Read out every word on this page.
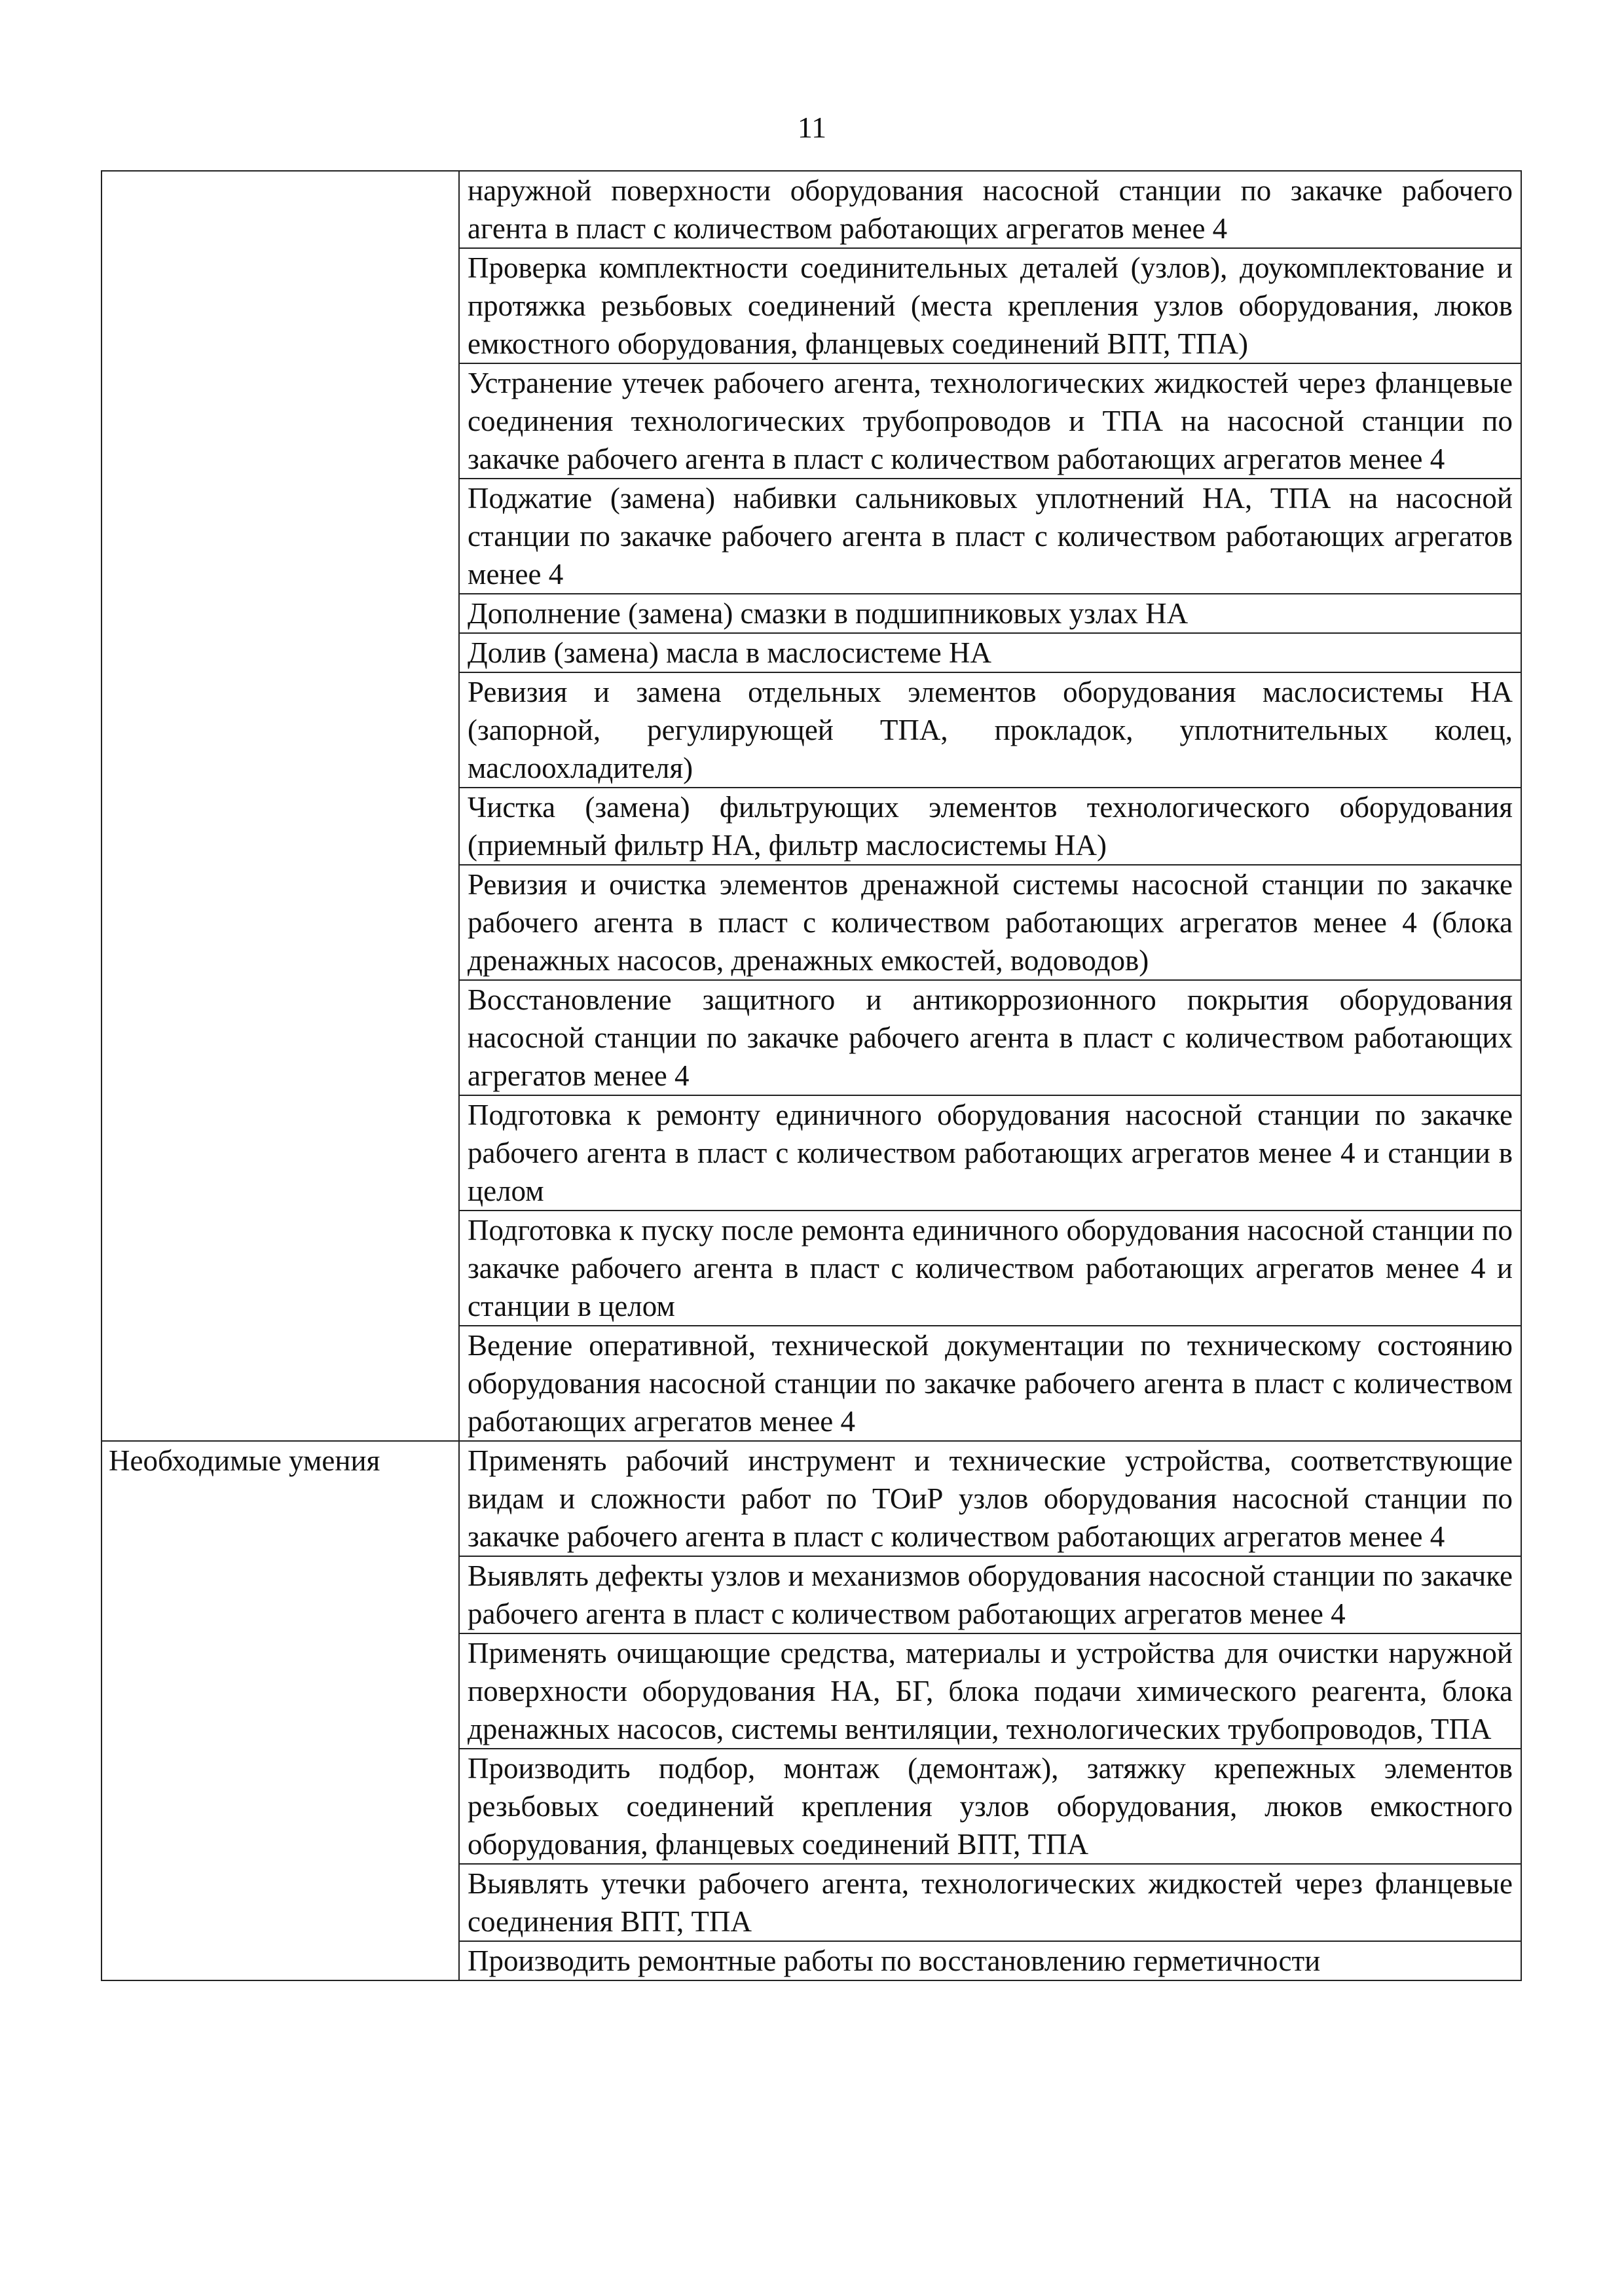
11

	наружной поверхности оборудования насосной станции по закачке рабочего агента в пласт с количеством работающих агрегатов менее 4

	Проверка комплектности соединительных деталей (узлов), доукомплектование и протяжка резьбовых соединений (места крепления узлов оборудования, люков емкостного оборудования, фланцевых соединений ВПТ, ТПА)

	Устранение утечек рабочего агента, технологических жидкостей через фланцевые соединения технологических трубопроводов и ТПА на насосной станции по закачке рабочего агента в пласт с количеством работающих агрегатов менее 4

	Поджатие (замена) набивки сальниковых уплотнений НА, ТПА на насосной станции по закачке рабочего агента в пласт с количеством работающих агрегатов менее 4

	Дополнение (замена) смазки в подшипниковых узлах НА

	Долив (замена) масла в маслосистеме НА

	Ревизия и замена отдельных элементов оборудования маслосистемы НА (запорной, регулирующей ТПА, прокладок, уплотнительных колец, маслоохладителя)

	Чистка (замена) фильтрующих элементов технологического оборудования (приемный фильтр НА, фильтр маслосистемы НА)

	Ревизия и очистка элементов дренажной системы насосной станции по закачке рабочего агента в пласт с количеством работающих агрегатов менее 4 (блока дренажных насосов, дренажных емкостей, водоводов)

	Восстановление защитного и антикоррозионного покрытия оборудования насосной станции по закачке рабочего агента в пласт с количеством работающих агрегатов менее 4

	Подготовка к ремонту единичного оборудования насосной станции по закачке рабочего агента в пласт с количеством работающих агрегатов менее 4 и станции в целом

	Подготовка к пуску после ремонта единичного оборудования насосной станции по закачке рабочего агента в пласт с количеством работающих агрегатов менее 4 и станции в целом

	Ведение оперативной, технической документации по техническому состоянию оборудования насосной станции по закачке рабочего агента в пласт с количеством работающих агрегатов менее 4

Необходимые умения	Применять рабочий инструмент и технические устройства, соответствующие видам и сложности работ по ТОиР узлов оборудования насосной станции по закачке рабочего агента в пласт с количеством работающих агрегатов менее 4

	Выявлять дефекты узлов и механизмов оборудования насосной станции по закачке рабочего агента в пласт с количеством работающих агрегатов менее 4

	Применять очищающие средства, материалы и устройства для очистки наружной поверхности оборудования НА, БГ, блока подачи химического реагента, блока дренажных насосов, системы вентиляции, технологических трубопроводов, ТПА

	Производить подбор, монтаж (демонтаж), затяжку крепежных элементов резьбовых соединений крепления узлов оборудования, люков емкостного оборудования, фланцевых соединений ВПТ, ТПА

	Выявлять утечки рабочего агента, технологических жидкостей через фланцевые соединения ВПТ, ТПА

	Производить ремонтные работы по восстановлению герметичности
